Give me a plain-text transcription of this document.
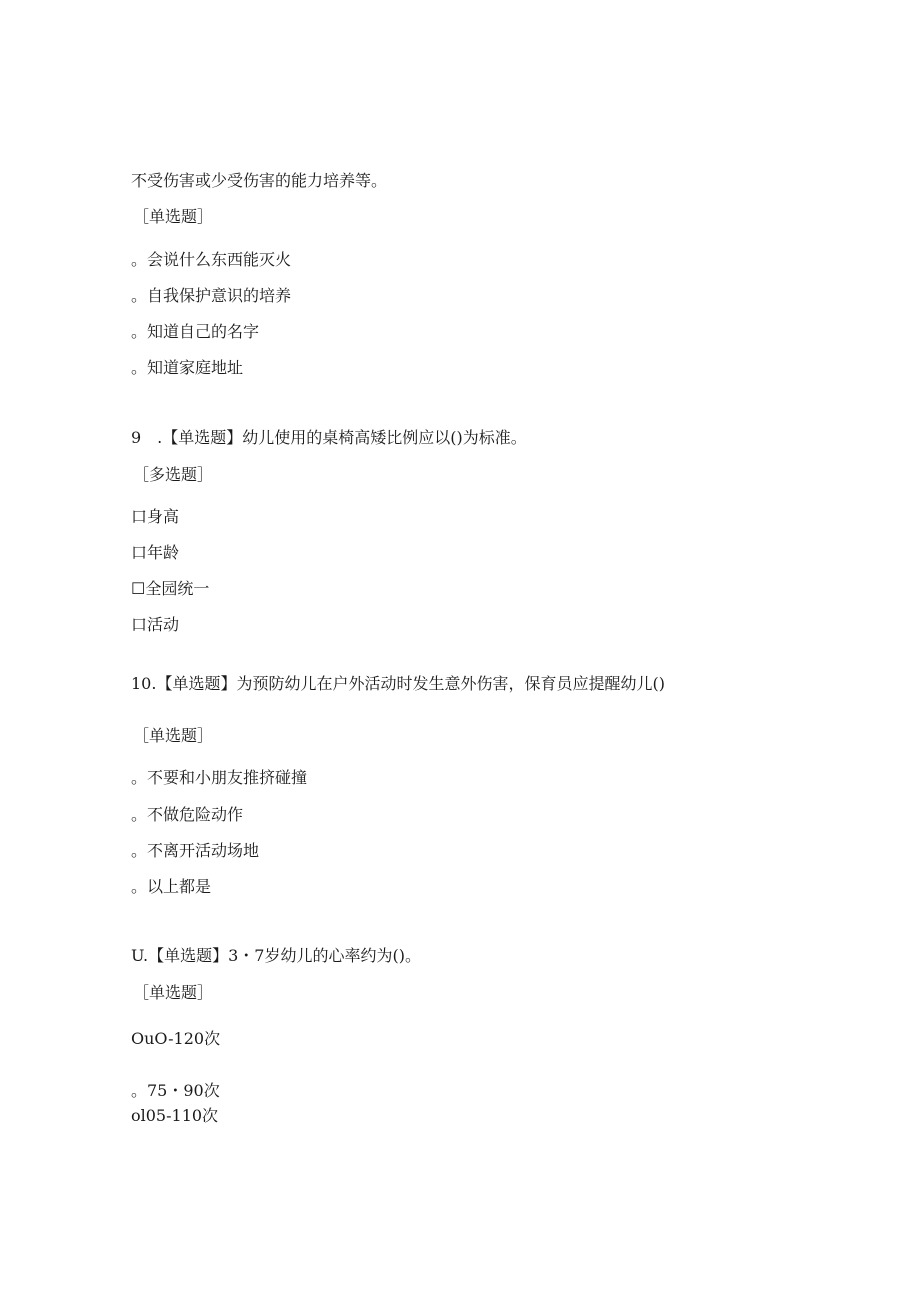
不受伤害或少受伤害的能力培养等。
［单选题］
。会说什么东西能灭火
。自我保护意识的培养
。知道自己的名字
。知道家庭地址
9　.【单选题】幼儿使用的桌椅高矮比例应以()为标准。
［多选题］
口身高
口年龄
☐全园统一
口活动
10.【单选题】为预防幼儿在户外活动时发生意外伤害，保育员应提醒幼儿()
［单选题］
。不要和小朋友推挤碰撞
。不做危险动作
。不离开活动场地
。以上都是
U.【单选题】3・7岁幼儿的心率约为()。
［单选题］
OuO-120次
。75・90次
ol05-110次
